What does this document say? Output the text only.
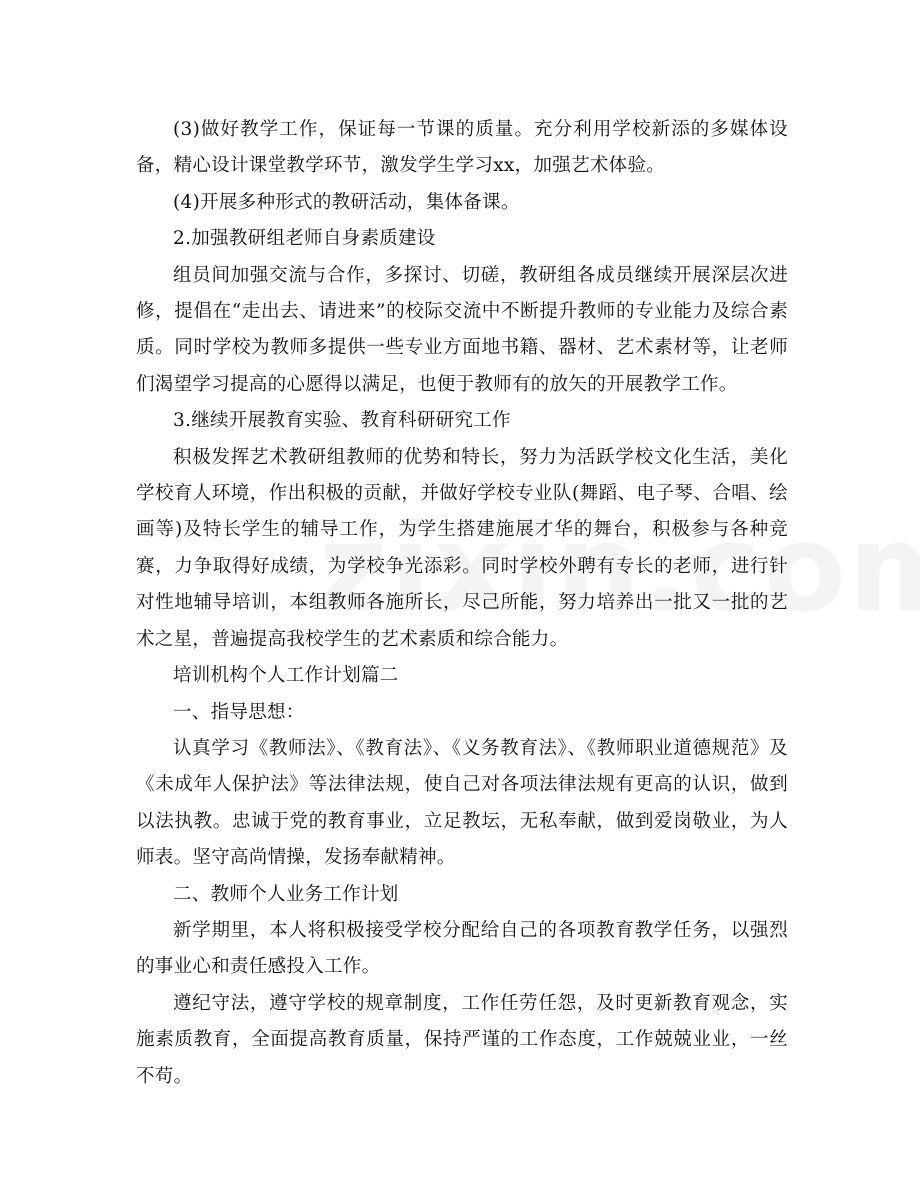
(3)做好教学工作，保证每一节课的质量。充分利用学校新添的多媒体设备，精心设计课堂教学环节，激发学生学习xx，加强艺术体验。

(4)开展多种形式的教研活动，集体备课。

2.加强教研组老师自身素质建设

组员间加强交流与合作，多探讨、切磋，教研组各成员继续开展深层次进修，提倡在“走出去、请进来”的校际交流中不断提升教师的专业能力及综合素质。同时学校为教师多提供一些专业方面地书籍、器材、艺术素材等，让老师们渴望学习提高的心愿得以满足，也便于教师有的放矢的开展教学工作。

3.继续开展教育实验、教育科研研究工作

积极发挥艺术教研组教师的优势和特长，努力为活跃学校文化生活，美化学校育人环境，作出积极的贡献，并做好学校专业队(舞蹈、电子琴、合唱、绘画等)及特长学生的辅导工作，为学生搭建施展才华的舞台，积极参与各种竞赛，力争取得好成绩，为学校争光添彩。同时学校外聘有专长的老师，进行针对性地辅导培训，本组教师各施所长，尽己所能，努力培养出一批又一批的艺术之星，普遍提高我校学生的艺术素质和综合能力。

培训机构个人工作计划篇二

一、指导思想：

认真学习《教师法》、《教育法》、《义务教育法》、《教师职业道德规范》及《未成年人保护法》等法律法规，使自己对各项法律法规有更高的认识，做到以法执教。忠诚于党的教育事业，立足教坛，无私奉献，做到爱岗敬业，为人师表。坚守高尚情操，发扬奉献精神。

二、教师个人业务工作计划

新学期里，本人将积极接受学校分配给自己的各项教育教学任务，以强烈的事业心和责任感投入工作。

遵纪守法，遵守学校的规章制度，工作任劳任怨，及时更新教育观念，实施素质教育，全面提高教育质量，保持严谨的工作态度，工作兢兢业业，一丝不苟。
